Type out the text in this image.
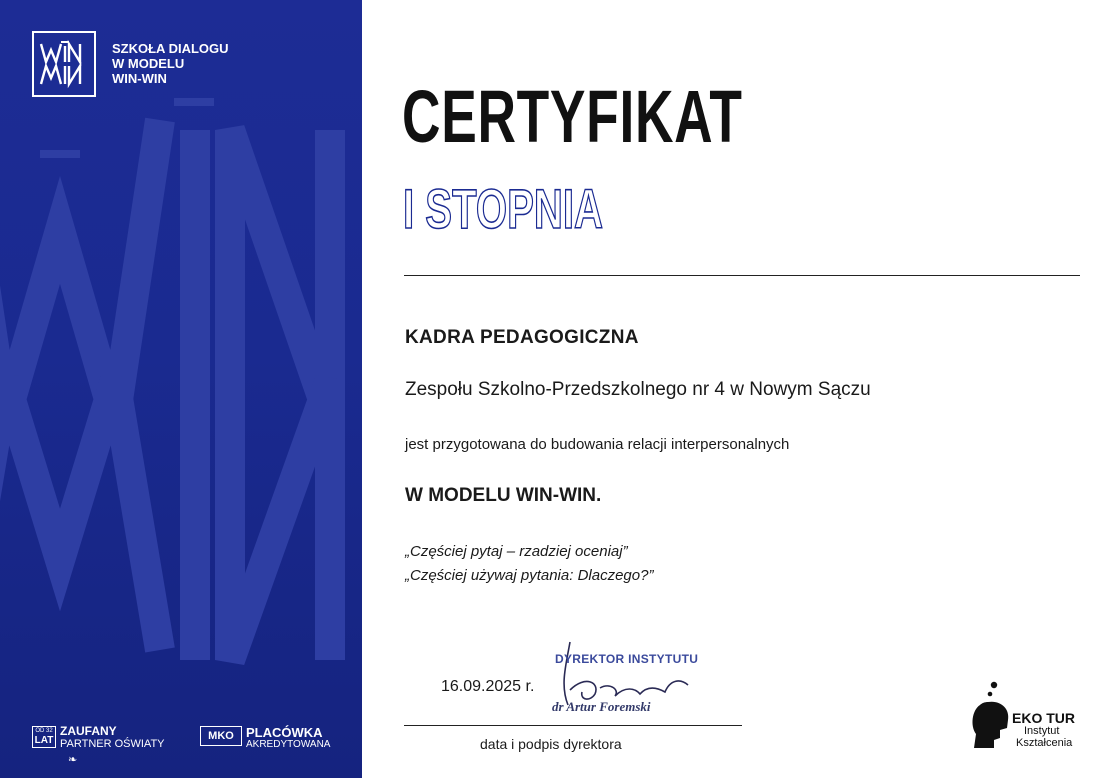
SZKOŁA DIALOGU
W MODELU
WIN-WIN
OD 32
LAT
ZAUFANY
PARTNER OŚWIATY
❧
MKO PLACÓWKA
AKREDYTOWANA
CERTYFIKAT
I STOPNIA
KADRA PEDAGOGICZNA
Zespołu Szkolno-Przedszkolnego nr 4 w Nowym Sączu
jest przygotowana do budowania relacji interpersonalnych
W MODELU WIN-WIN.
„Częściej pytaj – rzadziej oceniaj”
„Częściej używaj pytania: Dlaczego?”
16.09.2025 r.
DYREKTOR INSTYTUTU
dr Artur Foremski
data i podpis dyrektora
EKO TUR
Instytut
Kształcenia
